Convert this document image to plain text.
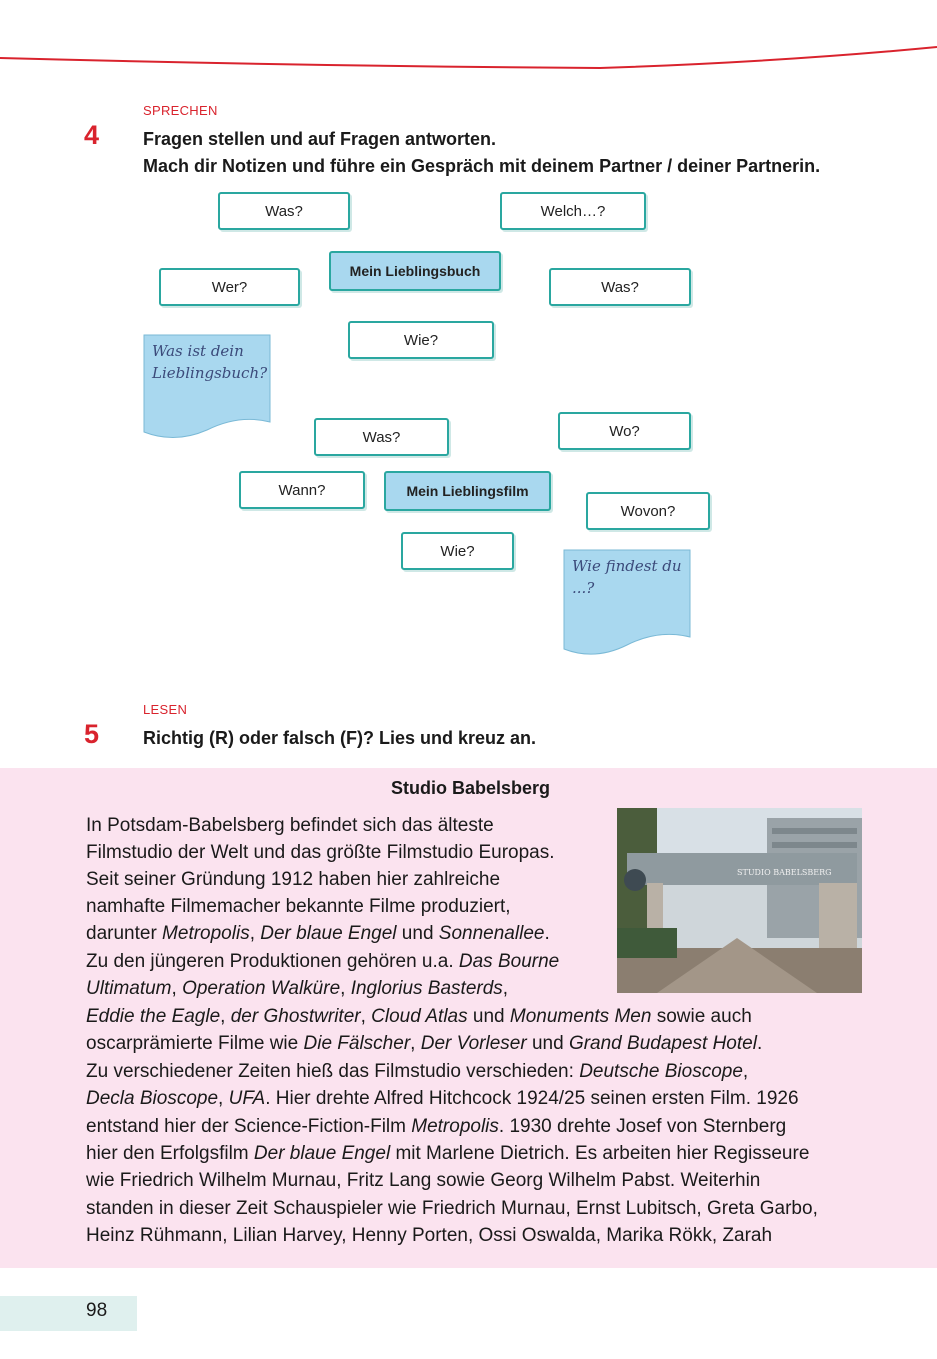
SPRECHEN
4 Fragen stellen und auf Fragen antworten.
Mach dir Notizen und führe ein Gespräch mit deinem Partner / deiner Partnerin.
Was?	Welch…?
Wer?
Mein Lieblingsbuch
Was?
Wie?
Was?	Wo?
Wann?	Mein Lieblingsfilm
Wovon?
Wie?
Was ist dein
Lieblingsbuch?
Wie findest du
...?
LESEN
5 Richtig (R) oder falsch (F)? Lies und kreuz an.
Studio Babelsberg
STUDIO BABELSBERG
In Potsdam-Babelsberg befindet sich das älteste
Filmstudio der Welt und das größte Filmstudio Europas.
Seit seiner Gründung 1912 haben hier zahlreiche
namhafte Filmemacher bekannte Filme produziert,
darunter Metropolis, Der blaue Engel und Sonnenallee.
Zu den jüngeren Produktionen gehören u.a. Das Bourne
Ultimatum, Operation Walküre, Inglorius Basterds,
Eddie the Eagle, der Ghostwriter, Cloud Atlas und Monuments Men sowie auch
oscarprämierte Filme wie Die Fälscher, Der Vorleser und Grand Budapest Hotel.
Zu verschiedener Zeiten hieß das Filmstudio verschieden: Deutsche Bioscope,
Decla Bioscope, UFA. Hier drehte Alfred Hitchcock 1924/25 seinen ersten Film. 1926
entstand hier der Science-Fiction-Film Metropolis. 1930 drehte Josef von Sternberg
hier den Erfolgsfilm Der blaue Engel mit Marlene Dietrich. Es arbeiten hier Regisseure
wie Friedrich Wilhelm Murnau, Fritz Lang sowie Georg Wilhelm Pabst. Weiterhin
standen in dieser Zeit Schauspieler wie Friedrich Murnau, Ernst Lubitsch, Greta Garbo,
Heinz Rühmann, Lilian Harvey, Henny Porten, Ossi Oswalda, Marika Rökk, Zarah
98
